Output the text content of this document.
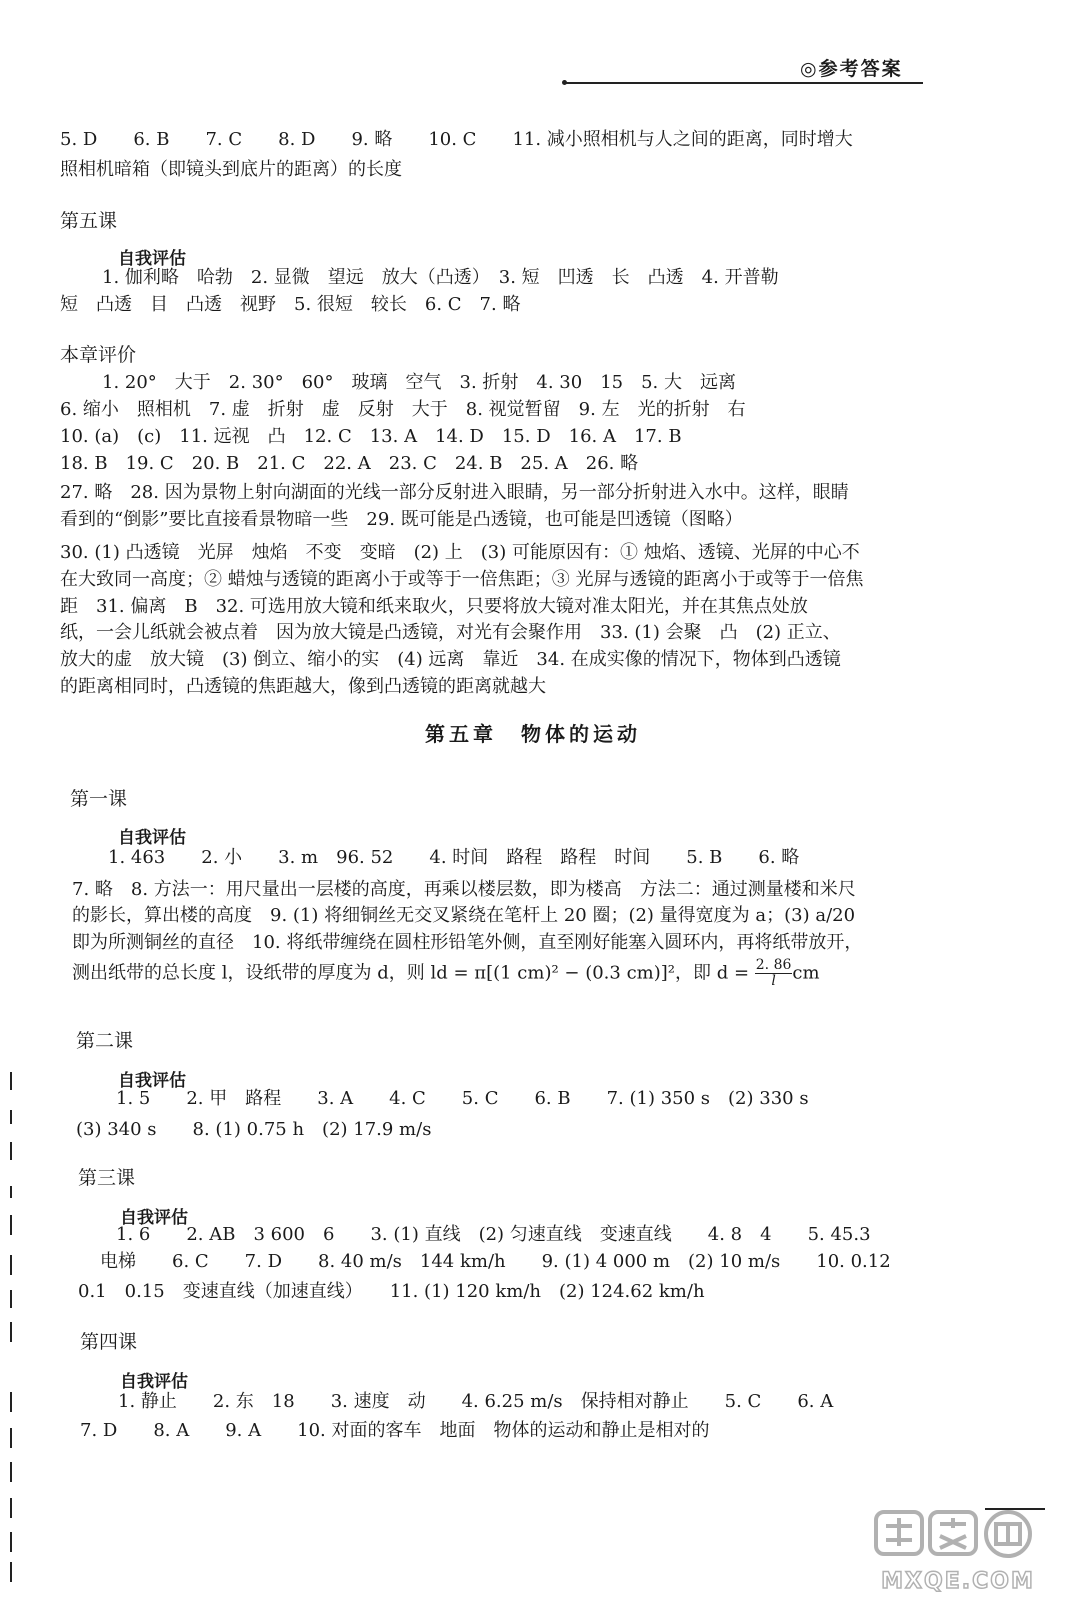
◎参考答案
5. D　　6. B　　7. C　　8. D　　9. 略　　10. C　　11. 减小照相机与人之间的距离，同时增大
照相机暗箱（即镜头到底片的距离）的长度
第五课
自我评估
1. 伽利略　哈勃　2. 显微　望远　放大（凸透）　3. 短　凹透　长　凸透　4. 开普勒
短　凸透　目　凸透　视野　5. 很短　较长　6. C　7. 略
本章评价
1. 20°　大于　2. 30°　60°　玻璃　空气　3. 折射　4. 30　15　5. 大　远离
6. 缩小　照相机　7. 虚　折射　虚　反射　大于　8. 视觉暂留　9. 左　光的折射　右
10. (a)　(c)　11. 远视　凸　12. C　13. A　14. D　15. D　16. A　17. B
18. B　19. C　20. B　21. C　22. A　23. C　24. B　25. A　26. 略
27. 略　28. 因为景物上射向湖面的光线一部分反射进入眼睛，另一部分折射进入水中。这样，眼睛
看到的“倒影”要比直接看景物暗一些　29. 既可能是凸透镜，也可能是凹透镜（图略）
30. (1) 凸透镜　光屏　烛焰　不变　变暗　(2) 上　(3) 可能原因有：① 烛焰、透镜、光屏的中心不
在大致同一高度；② 蜡烛与透镜的距离小于或等于一倍焦距；③ 光屏与透镜的距离小于或等于一倍焦
距　31. 偏离　B　32. 可选用放大镜和纸来取火，只要将放大镜对准太阳光，并在其焦点处放
纸，一会儿纸就会被点着　因为放大镜是凸透镜，对光有会聚作用　33. (1) 会聚　凸　(2) 正立、
放大的虚　放大镜　(3) 倒立、缩小的实　(4) 远离　靠近　34. 在成实像的情况下，物体到凸透镜
的距离相同时，凸透镜的焦距越大，像到凸透镜的距离就越大
第五章　物体的运动
第一课
自我评估
1. 463　　2. 小　　3. m　96. 52　　4. 时间　路程　路程　时间　　5. B　　6. 略
7. 略　8. 方法一：用尺量出一层楼的高度，再乘以楼层数，即为楼高　方法二：通过测量楼和米尺
的影长，算出楼的高度　9. (1) 将细铜丝无交叉紧绕在笔杆上 20 圈；(2) 量得宽度为 a；(3) a/20
即为所测铜丝的直径　10. 将纸带缠绕在圆柱形铅笔外侧，直至刚好能塞入圆环内，再将纸带放开，
测出纸带的总长度 l，设纸带的厚度为 d，则 ld = π[(1 cm)² − (0.3 cm)]²，即 $d = \frac{2. 86}{l}$ cm
第二课
自我评估
1. 5　　2. 甲　路程　　3. A　　4. C　　5. C　　6. B　　7. (1) 350 s　(2) 330 s
(3) 340 s　　8. (1) 0.75 h　(2) 17.9 m/s
第三课
自我评估
1. 6　　2. AB　3 600　6　　3. (1) 直线　(2) 匀速直线　变速直线　　4. 8　4　　5. 45.3
电梯　　6. C　　7. D　　8. 40 m/s　144 km/h　　9. (1) 4 000 m　(2) 10 m/s　　10. 0.12
0.1　0.15　变速直线（加速直线）　　11. (1) 120 km/h　(2) 124.62 km/h
第四课
自我评估
1. 静止　　2. 东　18　　3. 速度　动　　4. 6.25 m/s　保持相对静止　　5. C　　6. A
7. D　　8. A　　9. A　　10. 对面的客车　地面　物体的运动和静止是相对的
MXQE.COM
